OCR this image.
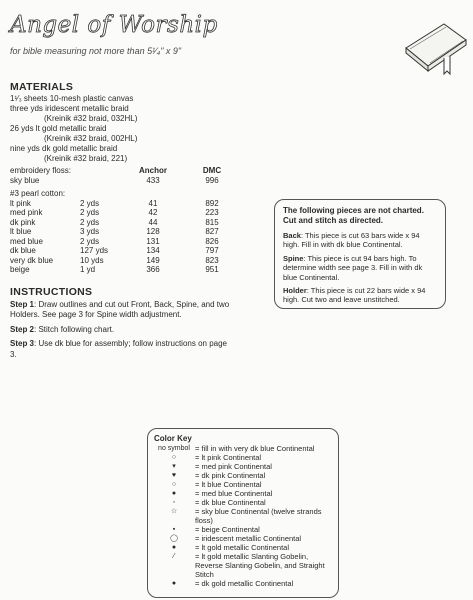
Angel of Worship
for bible measuring not more than 5¹⁄₄" x 9"
MATERIALS
1¹⁄₃ sheets 10-mesh plastic canvas
three yds iridescent metallic braid
(Kreinik #32 braid, 032HL)
26 yds lt gold metallic braid
(Kreinik #32 braid, 002HL)
nine yds dk gold metallic braid
(Kreinik #32 braid, 221)
embroidery floss:	Anchor	DMC
sky blue	433	996
#3 pearl cotton:
lt pink	2 yds	41	892
med pink	2 yds	42	223
dk pink	2 yds	44	815
lt blue	3 yds	128	827
med blue	2 yds	131	826
dk blue	127 yds	134	797
very dk blue	10 yds	149	823
beige	1 yd	366	951
INSTRUCTIONS

Step 1: Draw outlines and cut out Front, Back, Spine, and two Holders. See page 3 for Spine width adjustment.

Step 2: Stitch following chart.

Step 3: Use dk blue for assembly; follow instructions on page 3.

The following pieces are not charted. Cut and stitch as directed.

Back: This piece is cut 63 bars wide x 94 high. Fill in with dk blue Continental.

Spine: This piece is cut 94 bars high. To determine width see page 3. Fill in with dk blue Continental.

Holder: This piece is cut 22 bars wide x 94 high. Cut two and leave unstitched.

Color Key
no symbol = fill in with very dk blue Continental
○	= lt pink Continental
▾	= med pink Continental
♥	= dk pink Continental
○	= lt blue Continental
●	= med blue Continental
◦	= dk blue Continental
☆	= sky blue Continental (twelve strands floss)
▪	= beige Continental
◯	= iridescent metallic Continental
●	= lt gold metallic Continental
⁄	= lt gold metallic Slanting Gobelin, Reverse Slanting Gobelin, and Straight Stitch
●	= dk gold metallic Continental
